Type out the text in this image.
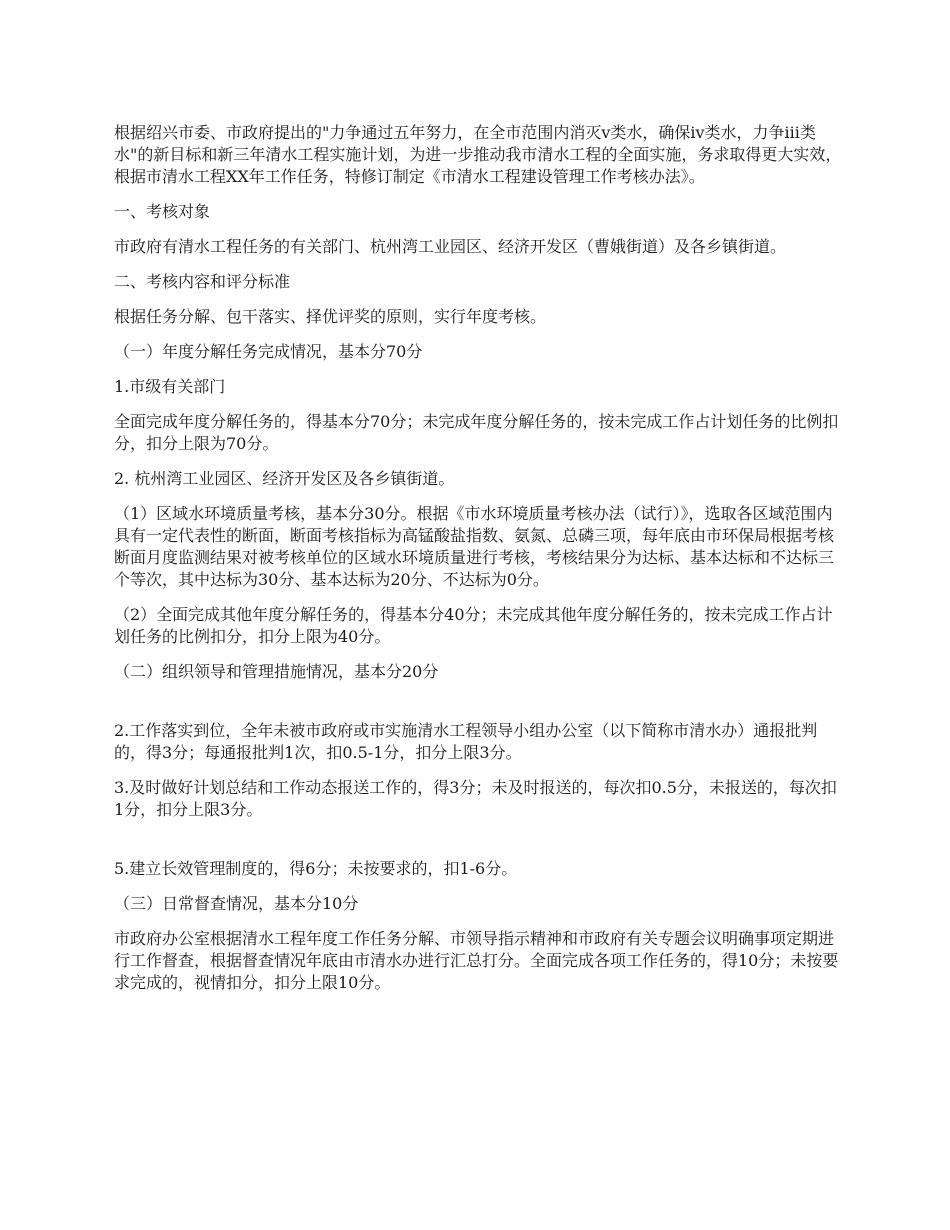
根据绍兴市委、市政府提出的"力争通过五年努力，在全市范围内消灭ⅴ类水，确保ⅳ类水，力争ⅲ类水"的新目标和新三年清水工程实施计划，为进一步推动我市清水工程的全面实施，务求取得更大实效，根据市清水工程XX年工作任务，特修订制定《市清水工程建设管理工作考核办法》。

一、考核对象

市政府有清水工程任务的有关部门、杭州湾工业园区、经济开发区（曹娥街道）及各乡镇街道。

二、考核内容和评分标准

根据任务分解、包干落实、择优评奖的原则，实行年度考核。

（一）年度分解任务完成情况，基本分70分

1.市级有关部门

全面完成年度分解任务的，得基本分70分；未完成年度分解任务的，按未完成工作占计划任务的比例扣分，扣分上限为70分。

2. 杭州湾工业园区、经济开发区及各乡镇街道。

（1）区域水环境质量考核，基本分30分。根据《市水环境质量考核办法（试行）》，选取各区域范围内具有一定代表性的断面，断面考核指标为高锰酸盐指数、氨氮、总磷三项，每年底由市环保局根据考核断面月度监测结果对被考核单位的区域水环境质量进行考核，考核结果分为达标、基本达标和不达标三个等次，其中达标为30分、基本达标为20分、不达标为0分。

（2）全面完成其他年度分解任务的，得基本分40分；未完成其他年度分解任务的，按未完成工作占计划任务的比例扣分，扣分上限为40分。

（二）组织领导和管理措施情况，基本分20分

2.工作落实到位，全年未被市政府或市实施清水工程领导小组办公室（以下简称市清水办）通报批判的，得3分；每通报批判1次，扣0.5-1分，扣分上限3分。

3.及时做好计划总结和工作动态报送工作的，得3分；未及时报送的，每次扣0.5分，未报送的，每次扣1分，扣分上限3分。

5.建立长效管理制度的，得6分；未按要求的，扣1-6分。

（三）日常督查情况，基本分10分

市政府办公室根据清水工程年度工作任务分解、市领导指示精神和市政府有关专题会议明确事项定期进行工作督查，根据督查情况年底由市清水办进行汇总打分。全面完成各项工作任务的，得10分；未按要求完成的，视情扣分，扣分上限10分。
